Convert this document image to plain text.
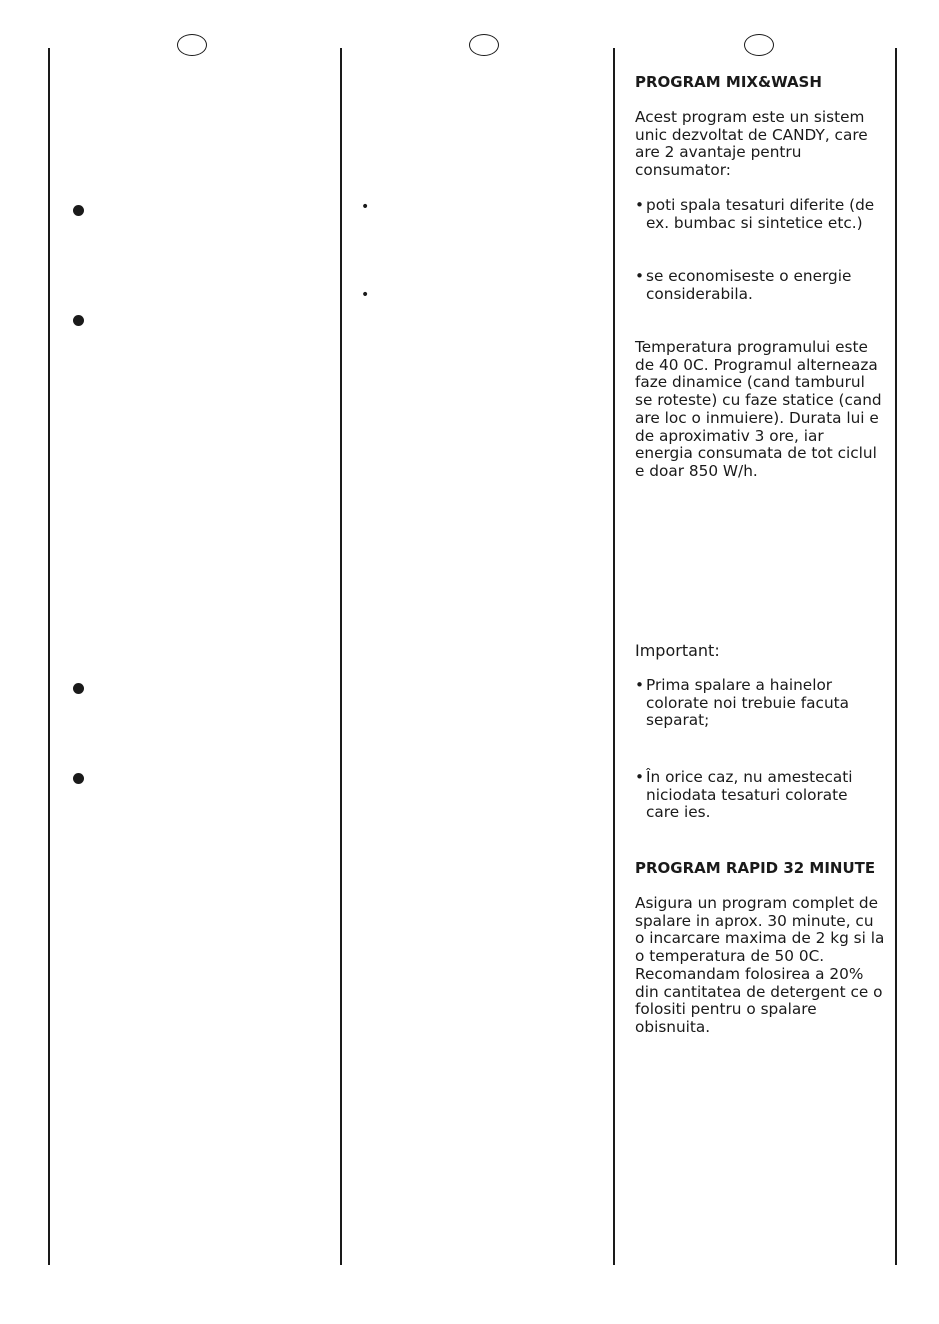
•
•
PROGRAM MIX&WASH
Acest program este un sistem unic dezvoltat de CANDY, care are 2 avantaje pentru consumator:
• poti spala tesaturi diferite (de ex. bumbac si sintetice etc.)
• se economiseste o energie considerabila.
Temperatura programului este de 40 0C. Programul alterneaza faze dinamice (cand tamburul se roteste) cu faze statice (cand are loc o inmuiere). Durata lui e de aproximativ 3 ore, iar energia consumata de tot ciclul e doar 850 W/h.
Important:
• Prima spalare a hainelor colorate noi trebuie facuta separat;
• În orice caz, nu amestecati niciodata tesaturi colorate care ies.
PROGRAM RAPID 32 MINUTE
Asigura un program complet de spalare in aprox. 30 minute, cu o incarcare maxima de 2 kg si la o temperatura de 50 0C. Recomandam folosirea a 20% din cantitatea de detergent ce o folositi pentru o spalare obisnuita.
